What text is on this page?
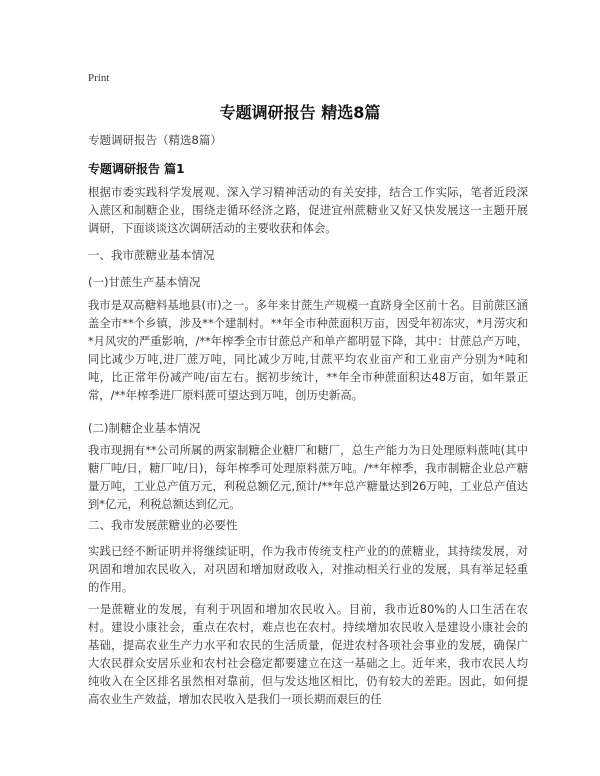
Print
专题调研报告 精选8篇
专题调研报告（精选8篇）
专题调研报告 篇1
根据市委实践科学发展观、深入学习精神活动的有关安排，结合工作实际，笔者近段深入蔗区和制糖企业，围绕走循环经济之路，促进宜州蔗糖业又好又快发展这一主题开展调研，下面谈谈这次调研活动的主要收获和体会。
一、我市蔗糖业基本情况
(一)甘蔗生产基本情况
我市是双高糖料基地县(市)之一。多年来甘蔗生产规模一直跻身全区前十名。目前蔗区涵盖全市**个乡镇，涉及**个建制村。**年全市种蔗面积万亩，因受年初冻灾，*月涝灾和*月风灾的严重影响，/**年榨季全市甘蔗总产和单产都明显下降，其中：甘蔗总产万吨，同比减少万吨,进厂蔗万吨，同比减少万吨,甘蔗平均农业亩产和工业亩产分别为*吨和吨，比正常年份减产吨/亩左右。据初步统计，**年全市种蔗面积达48万亩，如年景正常，/**年榨季进厂原料蔗可望达到万吨，创历史新高。
(二)制糖企业基本情况
我市现拥有**公司所属的两家制糖企业糖厂和糖厂，总生产能力为日处理原料蔗吨(其中糖厂吨/日，糖厂吨/日)，每年榨季可处理原料蔗万吨。/**年榨季，我市制糖企业总产糖量万吨，工业总产值万元，利税总额亿元,预计/**年总产糖量达到26万吨，工业总产值达到*亿元，利税总额达到亿元。
二、我市发展蔗糖业的必要性
实践已经不断证明并将继续证明，作为我市传统支柱产业的的蔗糖业，其持续发展，对巩固和增加农民收入，对巩固和增加财政收入，对推动相关行业的发展，具有举足轻重的作用。
一是蔗糖业的发展，有利于巩固和增加农民收入。目前，我市近80%的人口生活在农村。建设小康社会，重点在农村，难点也在农村。持续增加农民收入是建设小康社会的基础，提高农业生产力水平和农民的生活质量，促进农村各项社会事业的发展，确保广大农民群众安居乐业和农村社会稳定都要建立在这一基础之上。近年来，我市农民人均纯收入在全区排名虽然相对靠前，但与发达地区相比，仍有较大的差距。因此，如何提高农业生产效益，增加农民收入是我们一项长期而艰巨的任
